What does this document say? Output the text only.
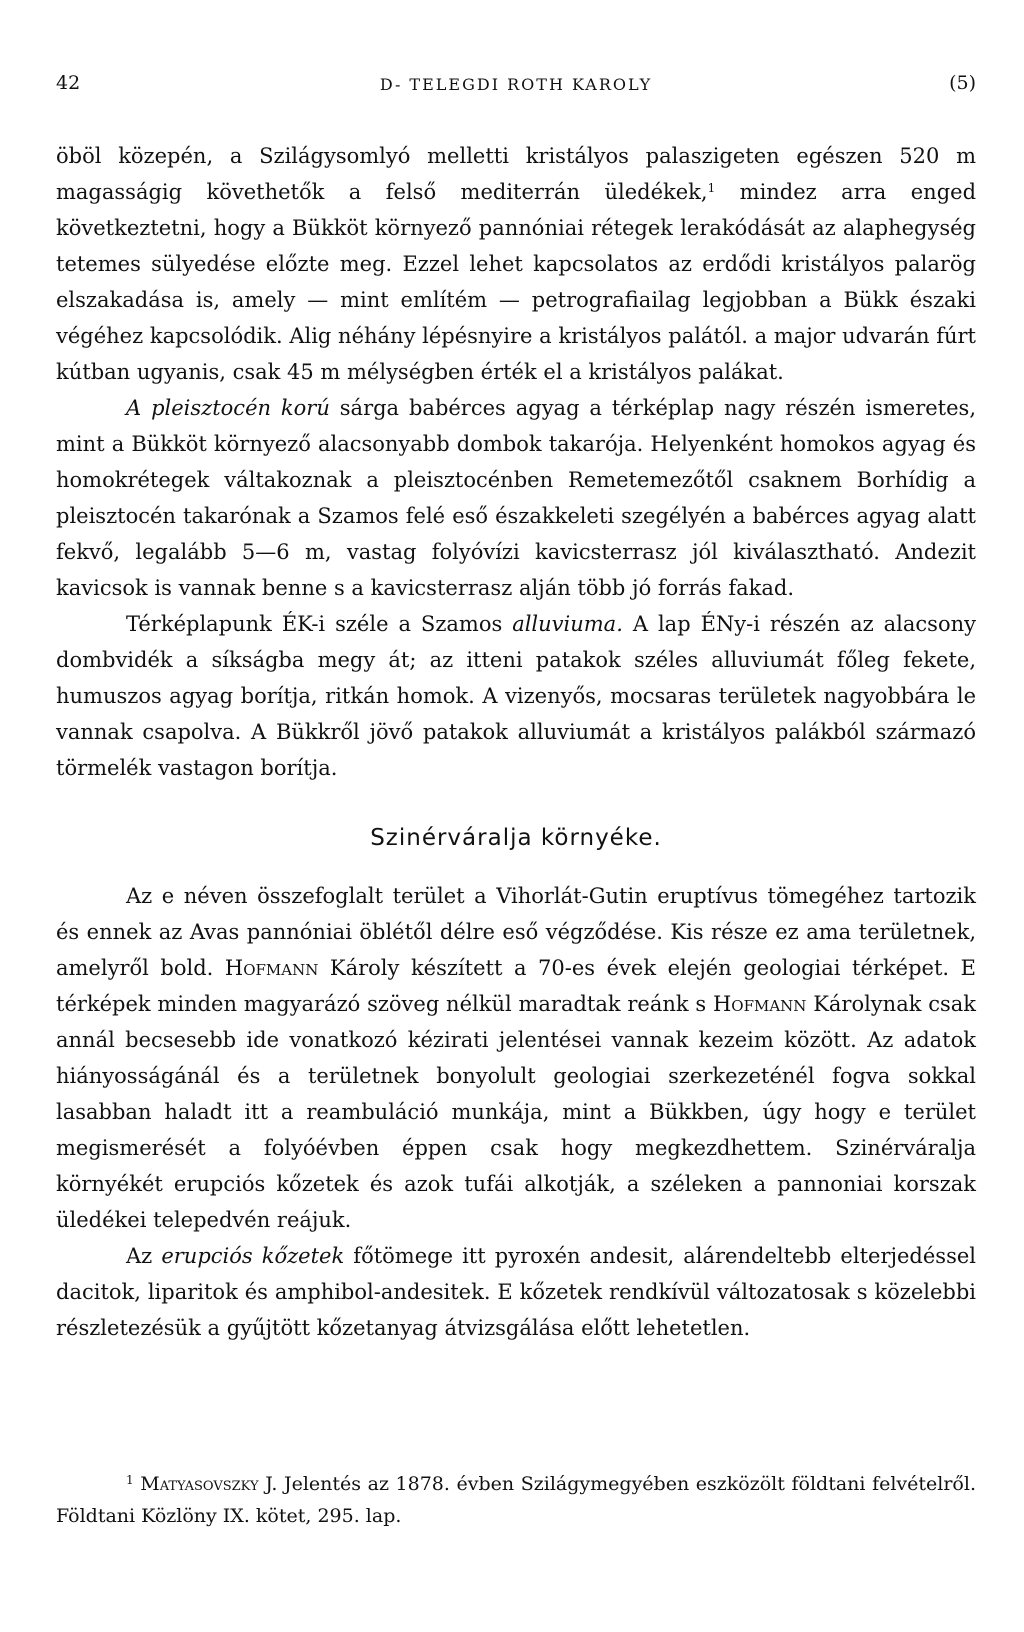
42	D- TELEGDI ROTH KAROLY	(5)

öböl közepén, a Szilágysomlyó melletti kristályos palaszigeten egészen 520 m magasságig követhetők a felső mediterrán üledékek,$^1$ mindez arra enged következtetni, hogy a Bükköt környező pannóniai rétegek lerakódását az alaphegység tetemes sülyedése előzte meg. Ezzel lehet kapcsolatos az erdődi kristályos palarög elszakadása is, amely — mint említém — petrografiailag legjobban a Bükk északi végéhez kapcsolódik. Alig néhány lépésnyire a kristályos palától. a major udvarán fúrt kútban ugyanis, csak 45 m mélységben érték el a kristályos palákat.

A pleisztocén korú sárga babérces agyag a térképlap nagy részén ismeretes, mint a Bükköt környező alacsonyabb dombok takarója. Helyenként homokos agyag és homokrétegek váltakoznak a pleisztocénben Remetemezőtől csaknem Borhídig a pleisztocén takarónak a Szamos felé eső északkeleti szegélyén a babérces agyag alatt fekvő, legalább 5—6 m, vastag folyóvízi kavicsterrasz jól kiválasztható. Andezit kavicsok is vannak benne s a kavicsterrasz alján több jó forrás fakad.

Térképlapunk ÉK-i széle a Szamos alluviuma. A lap ÉNy-i részén az alacsony dombvidék a síkságba megy át; az itteni patakok széles alluviumát főleg fekete, humuszos agyag borítja, ritkán homok. A vizenyős, mocsaras területek nagyobbára le vannak csapolva. A Bükkről jövő patakok alluviumát a kristályos palákból származó törmelék vastagon borítja.

Szinérváralja környéke.

Az e néven összefoglalt terület a Vihorlát-Gutin eruptívus tömegéhez tartozik és ennek az Avas pannóniai öblétől délre eső végződése. Kis része ez ama területnek, amelyről bold. Hofmann Károly készített a 70-es évek elején geologiai térképet. E térképek minden magyarázó szöveg nélkül maradtak reánk s Hofmann Károlynak csak annál becsesebb ide vonatkozó kézirati jelentései vannak kezeim között. Az adatok hiányosságánál és a területnek bonyolult geologiai szerkezeténél fogva sokkal lasabban haladt itt a reambuláció munkája, mint a Bükkben, úgy hogy e terület megismerését a folyóévben éppen csak hogy megkezdhettem. Szinérváralja környékét erupciós kőzetek és azok tufái alkotják, a széleken a pannoniai korszak üledékei telepedvén reájuk.

Az erupciós kőzetek főtömege itt pyroxén andesit, alárendeltebb elterjedéssel dacitok, liparitok és amphibol-andesitek. E kőzetek rendkívül változatosak s közelebbi részletezésük a gyűjtött kőzetanyag átvizsgálása előtt lehetetlen.

$^1$ Matyasovszky J. Jelentés az 1878. évben Szilágymegyében eszközölt földtani felvételről. Földtani Közlöny IX. kötet, 295. lap.
